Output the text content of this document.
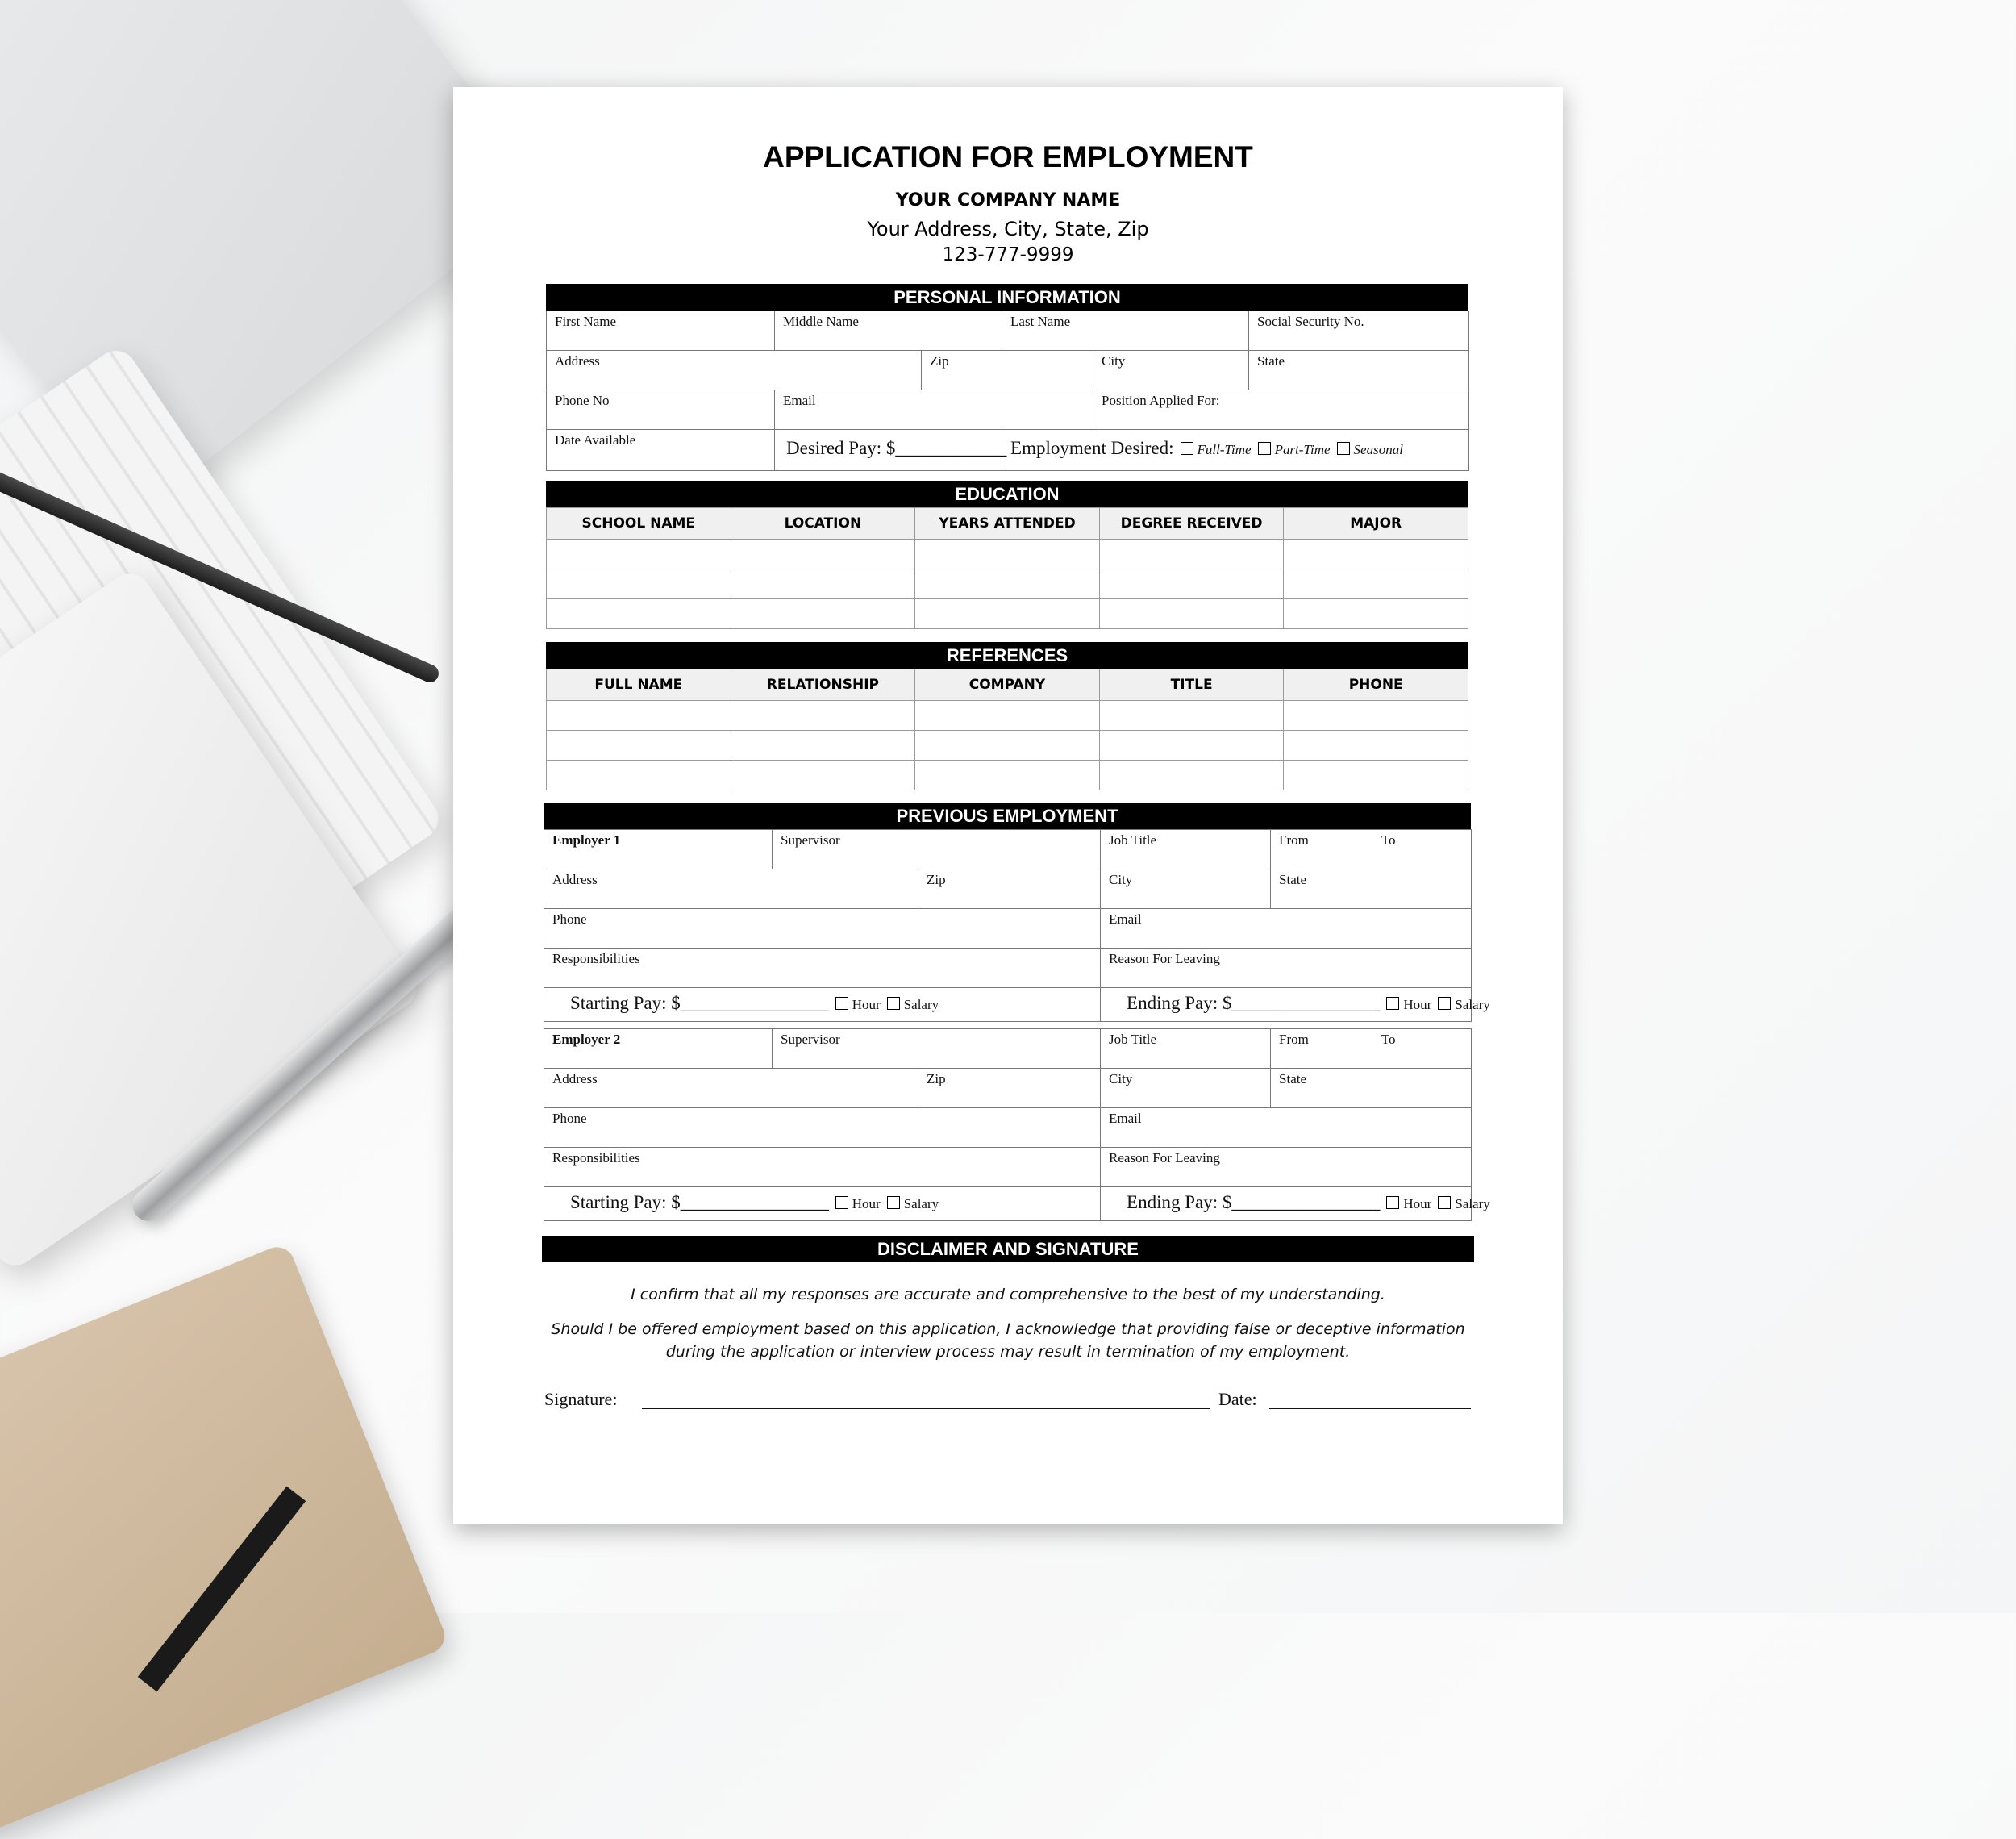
APPLICATION FOR EMPLOYMENT
YOUR COMPANY NAME
Your Address, City, State, Zip
123-777-9999
PERSONAL INFORMATION
First Name	Middle Name		Last Name		Social Security No.

Address		Zip		City	State

Phone No	Email			Position Applied For:	

Date Available	Desired Pay: $____________		Employment Desired: Full-Time Part-Time Seasonal		
EDUCATION
SCHOOL NAME	LOCATION	YEARS ATTENDED	DEGREE RECEIVED	MAJOR

REFERENCES
FULL NAME	RELATIONSHIP	COMPANY	TITLE	PHONE

PREVIOUS EMPLOYMENT
Employer 1	Supervisor		Job Title	From To

Address		Zip	City	State

Phone			Email	

Responsibilities			Reason For Leaving	

Starting Pay: $________________ Hour Salary			Ending Pay: $________________ Hour Salary	
Employer 2	Supervisor		Job Title	From To

Address		Zip	City	State

Phone			Email	

Responsibilities			Reason For Leaving	

Starting Pay: $________________ Hour Salary			Ending Pay: $________________ Hour Salary	
DISCLAIMER AND SIGNATURE
I confirm that all my responses are accurate and comprehensive to the best of my understanding.
Should I be offered employment based on this application, I acknowledge that providing false or deceptive information during the application or interview process may result in termination of my employment.
Signature:	Date:
